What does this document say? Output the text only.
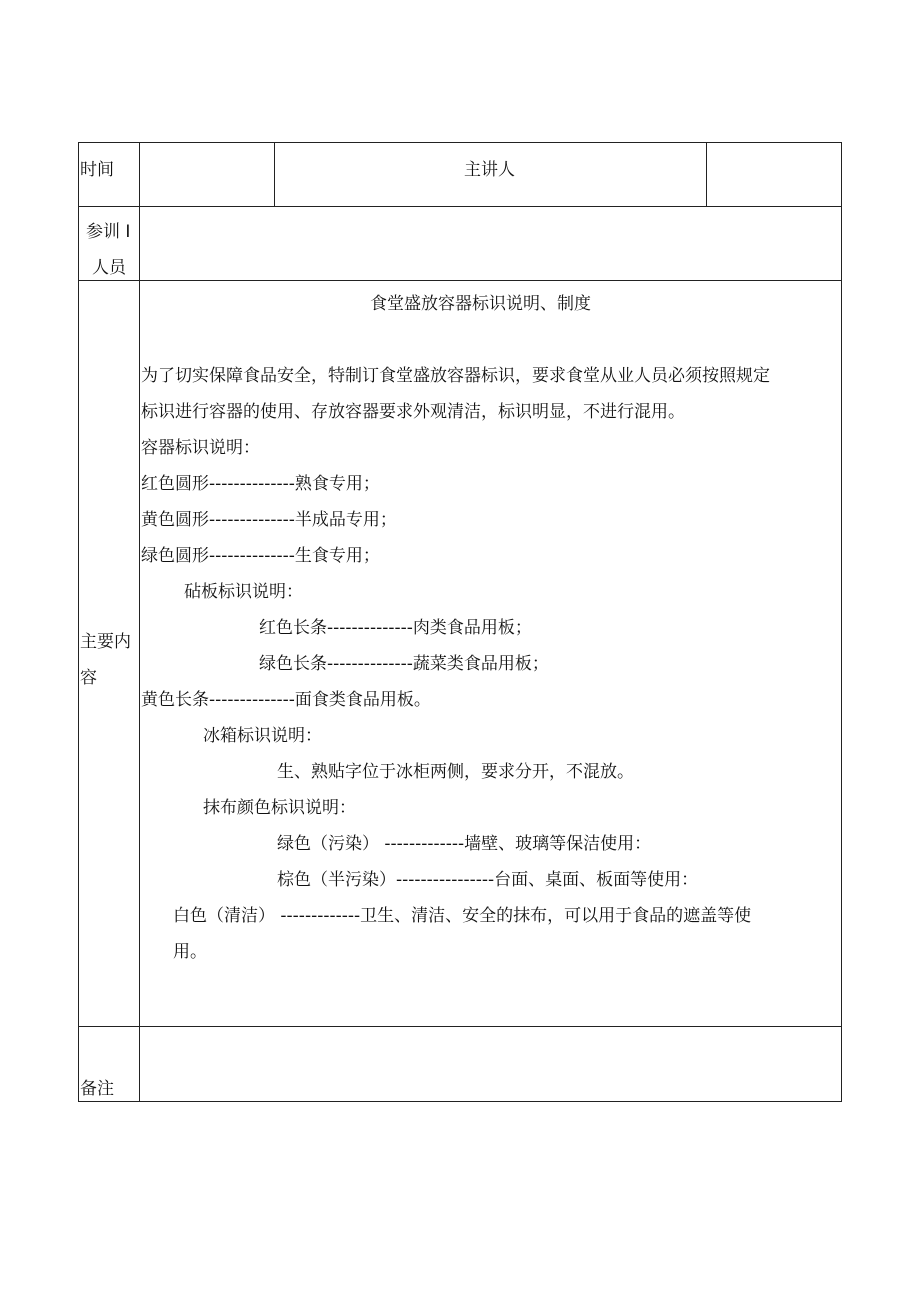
时间	主讲人
参训 I
人员
主要内
容
食堂盛放容器标识说明、制度
为了切实保障食品安全，特制订食堂盛放容器标识，要求食堂从业人员必须按照规定
标识进行容器的使用、存放容器要求外观清洁，标识明显，不进行混用。
容器标识说明：
红色圆形--------------熟食专用；
黄色圆形--------------半成品专用；
绿色圆形--------------生食专用；
砧板标识说明：
红色长条--------------肉类食品用板；
绿色长条--------------蔬菜类食品用板；
黄色长条--------------面食类食品用板。
冰箱标识说明：
生、熟贴字位于冰柜两侧，要求分开，不混放。
抹布颜色标识说明：
绿色（污染） -------------墙壁、玻璃等保洁使用：
棕色（半污染）----------------台面、桌面、板面等使用：
白色（清洁） -------------卫生、清洁、安全的抹布，可以用于食品的遮盖等使
用。
备注
